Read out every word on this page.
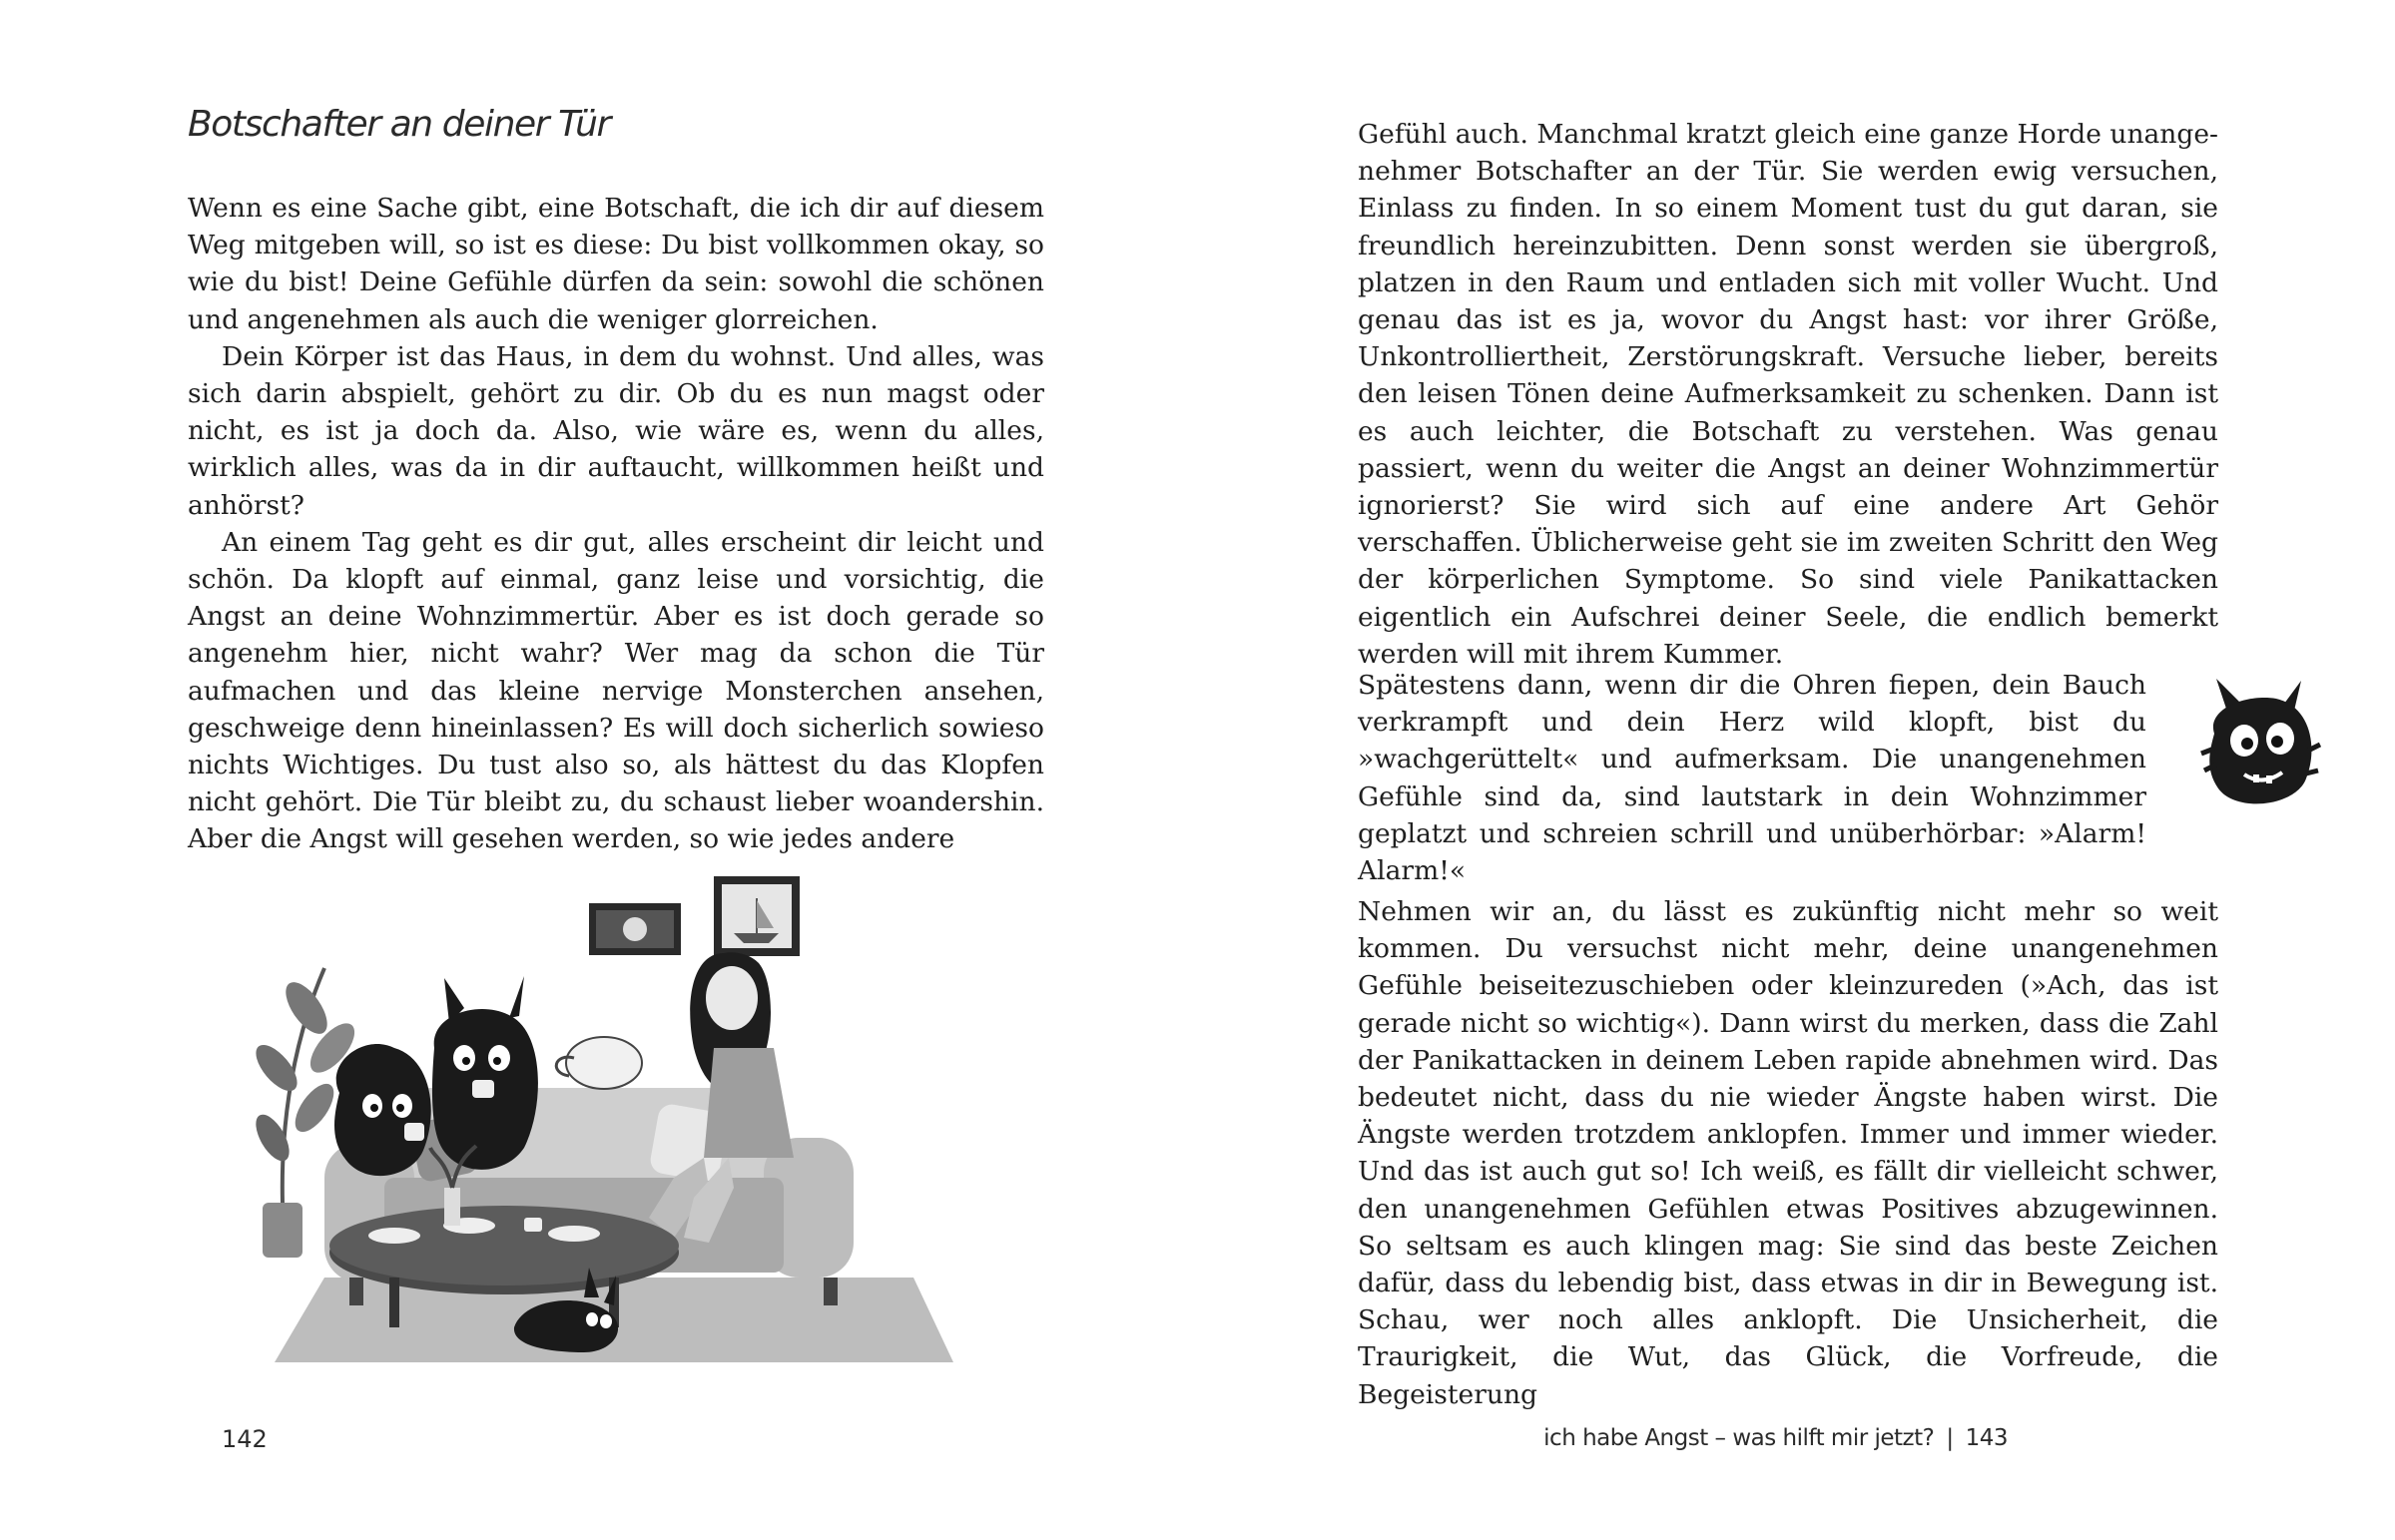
Botschafter an deiner Tür

Wenn es eine Sache gibt, eine Botschaft, die ich dir auf diesem Weg mitgeben will, so ist es diese: Du bist vollkommen okay, so wie du bist! Deine Gefühle dürfen da sein: sowohl die schönen und angenehmen als auch die weniger glorreichen.

Dein Körper ist das Haus, in dem du wohnst. Und alles, was sich darin abspielt, gehört zu dir. Ob du es nun magst oder nicht, es ist ja doch da. Also, wie wäre es, wenn du alles, wirklich alles, was da in dir auftaucht, willkommen heißt und anhörst?

An einem Tag geht es dir gut, alles erscheint dir leicht und schön. Da klopft auf einmal, ganz leise und vorsichtig, die Angst an deine Wohnzimmertür. Aber es ist doch gerade so angenehm hier, nicht wahr? Wer mag da schon die Tür aufmachen und das kleine nervige Monsterchen ansehen, geschweige denn hineinlassen? Es will doch sicherlich sowieso nichts Wichtiges. Du tust also so, als hättest du das Klopfen nicht gehört. Die Tür bleibt zu, du schaust lieber woandershin. Aber die Angst will gesehen werden, so wie jedes andere

142

Gefühl auch. Manchmal kratzt gleich eine ganze Horde unangenehmer Botschafter an der Tür. Sie werden ewig versuchen, Einlass zu finden. In so einem Moment tust du gut daran, sie freundlich hereinzubitten. Denn sonst werden sie übergroß, platzen in den Raum und entladen sich mit voller Wucht. Und genau das ist es ja, wovor du Angst hast: vor ihrer Größe, Unkontrolliertheit, Zerstörungskraft. Versuche lieber, bereits den leisen Tönen deine Aufmerksamkeit zu schenken. Dann ist es auch leichter, die Botschaft zu verstehen. Was genau passiert, wenn du weiter die Angst an deiner Wohnzimmertür ignorierst? Sie wird sich auf eine andere Art Gehör verschaffen. Üblicherweise geht sie im zweiten Schritt den Weg der körperlichen Symptome. So sind viele Panikattacken eigentlich ein Aufschrei deiner Seele, die endlich bemerkt werden will mit ihrem Kummer.

Spätestens dann, wenn dir die Ohren fiepen, dein Bauch verkrampft und dein Herz wild klopft, bist du »wachgerüttelt« und aufmerksam. Die unangenehmen Gefühle sind da, sind lautstark in dein Wohnzimmer geplatzt und schreien schrill und unüberhörbar: »Alarm! Alarm!«

Nehmen wir an, du lässt es zukünftig nicht mehr so weit kommen. Du versuchst nicht mehr, deine unangenehmen Gefühle beiseitezuschieben oder kleinzureden (»Ach, das ist gerade nicht so wichtig«). Dann wirst du merken, dass die Zahl der Panikattacken in deinem Leben rapide abnehmen wird. Das bedeutet nicht, dass du nie wieder Ängste haben wirst. Die Ängste werden trotzdem anklopfen. Immer und immer wieder. Und das ist auch gut so! Ich weiß, es fällt dir vielleicht schwer, den unangenehmen Gefühlen etwas Positives abzugewinnen. So seltsam es auch klingen mag: Sie sind das beste Zeichen dafür, dass du lebendig bist, dass etwas in dir in Bewegung ist. Schau, wer noch alles anklopft. Die Unsicherheit, die Traurigkeit, die Wut, das Glück, die Vorfreude, die Begeisterung

ich habe Angst – was hilft mir jetzt? | 143
